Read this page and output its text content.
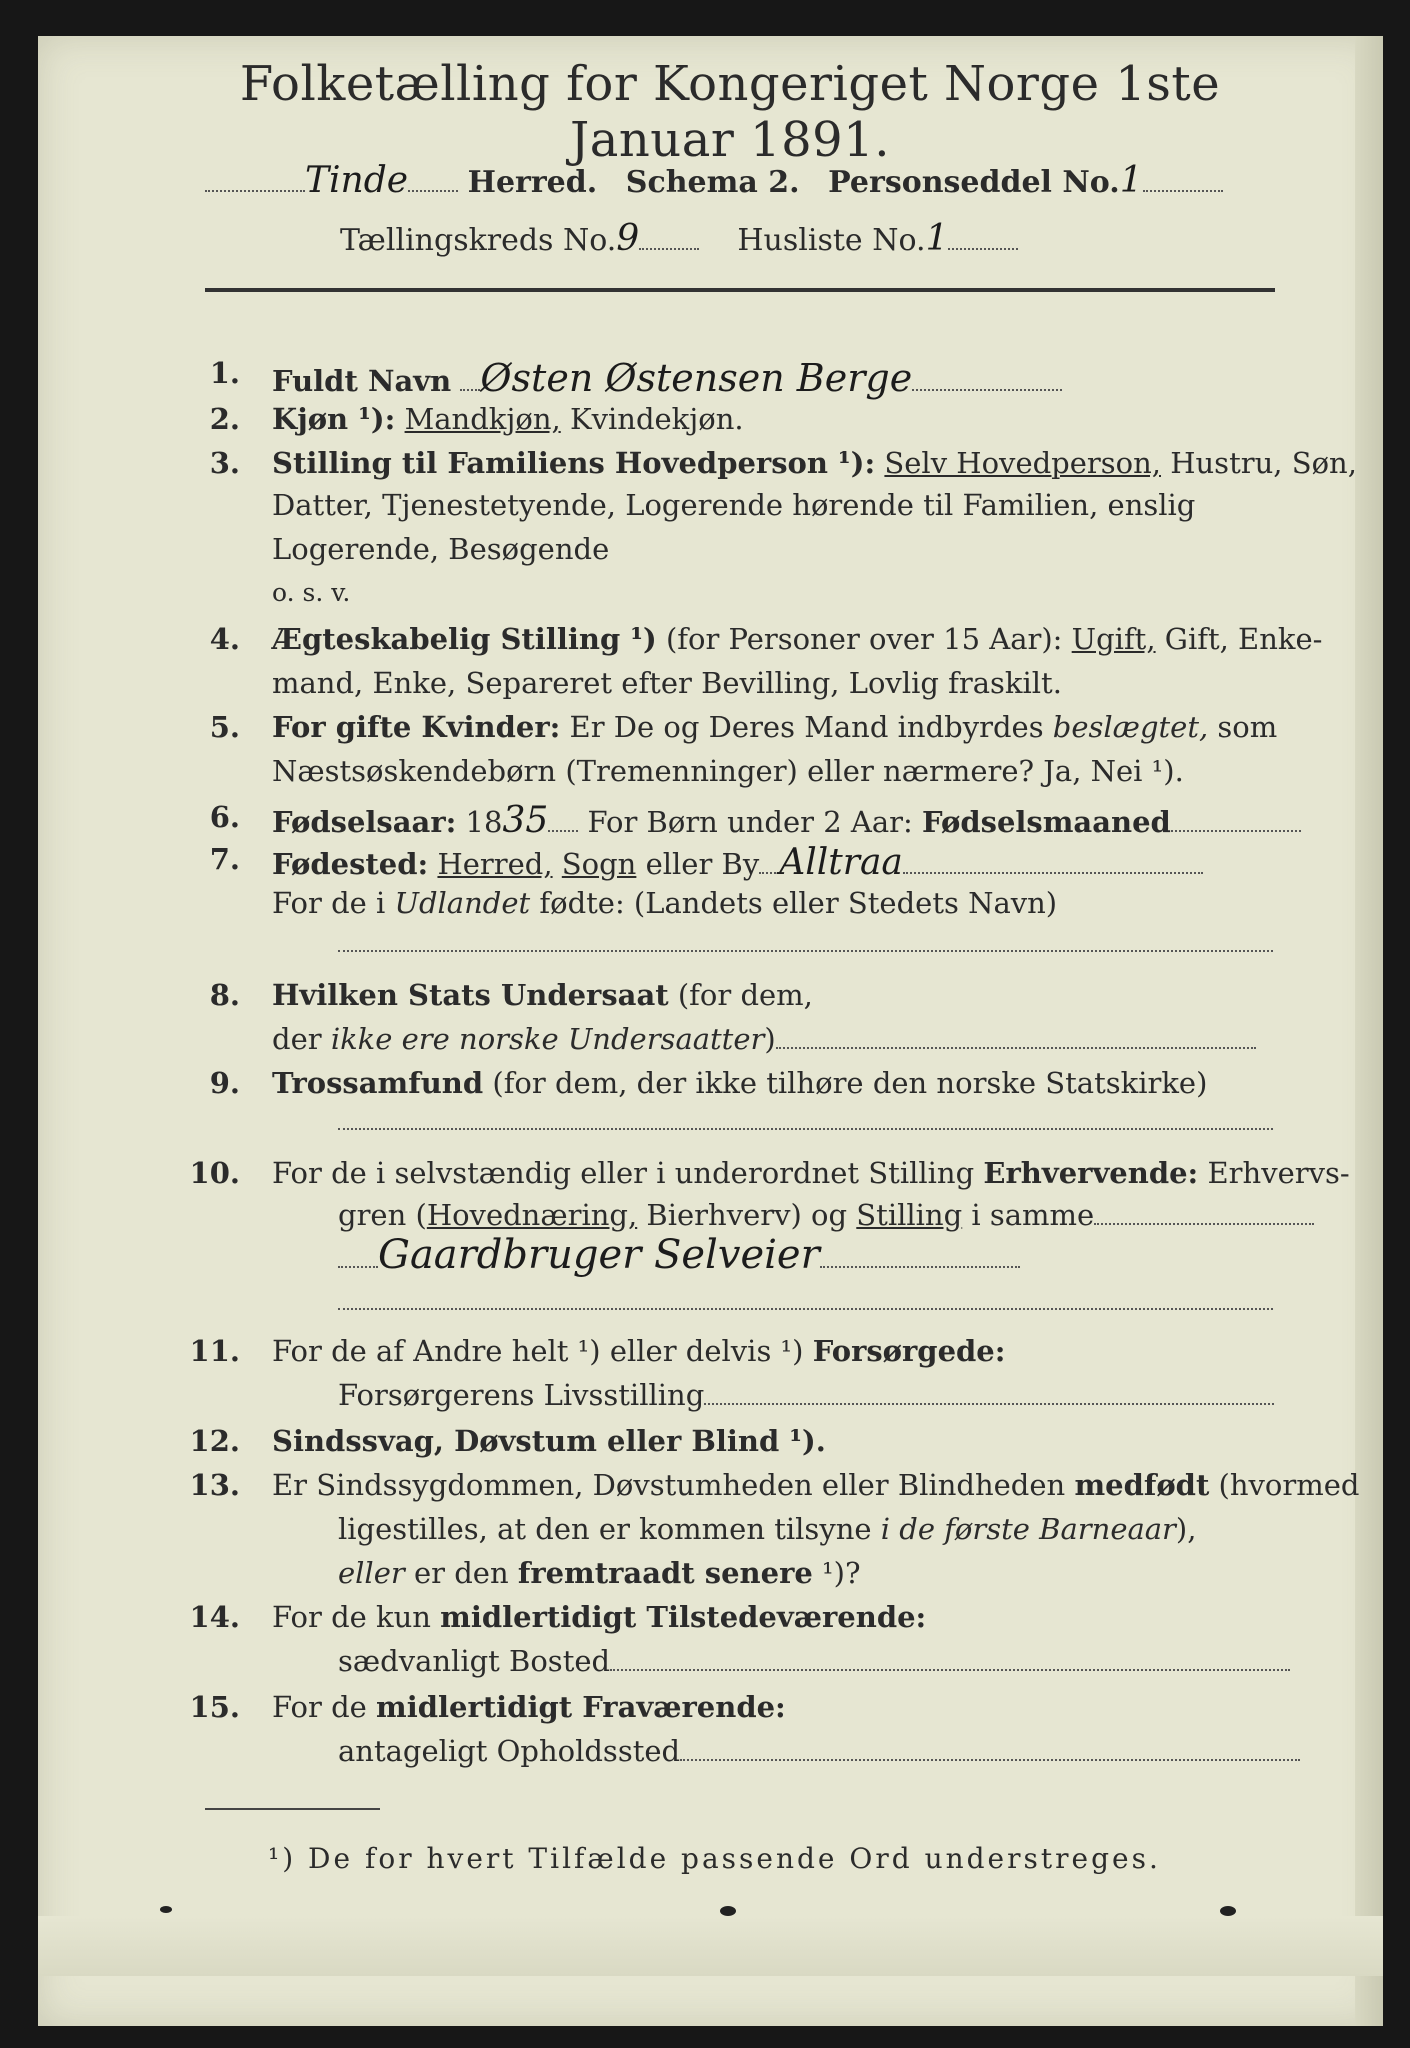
Folketælling for Kongeriget Norge 1ste Januar 1891.
Tinde Herred. Schema 2. Personseddel No.1
Tællingskreds No.9	Husliste No.1
1. Fuldt Navn Østen Østensen Berge
2. Kjøn ¹): Mandkjøn, Kvindekjøn.
3. Stilling til Familiens Hovedperson ¹): Selv Hovedperson, Hustru, Søn,
Datter, Tjenestetyende, Logerende hørende til Familien, enslig
Logerende, Besøgende
o. s. v.
4. Ægteskabelig Stilling ¹) (for Personer over 15 Aar): Ugift, Gift, Enke-
mand, Enke, Separeret efter Bevilling, Lovlig fraskilt.
5. For gifte Kvinder: Er De og Deres Mand indbyrdes beslægtet, som
Næstsøskendebørn (Tremenninger) eller nærmere? Ja, Nei ¹).
6. Fødselsaar: 1835 For Børn under 2 Aar: Fødselsmaaned
7. Fødested: Herred, Sogn eller By Alltraa
For de i Udlandet fødte: (Landets eller Stedets Navn)
8. Hvilken Stats Undersaat (for dem,
der ikke ere norske Undersaatter)
9. Trossamfund (for dem, der ikke tilhøre den norske Statskirke)
10. For de i selvstændig eller i underordnet Stilling Erhvervende: Erhvervs-
gren (Hovednæring, Bierhverv) og Stilling i samme
Gaardbruger Selveier
11. For de af Andre helt ¹) eller delvis ¹) Forsørgede:
Forsørgerens Livsstilling
12. Sindssvag, Døvstum eller Blind ¹).
13. Er Sindssygdommen, Døvstumheden eller Blindheden medfødt (hvormed
ligestilles, at den er kommen tilsyne i de første Barneaar),
eller er den fremtraadt senere ¹)?
14. For de kun midlertidigt Tilstedeværende:
sædvanligt Bosted
15. For de midlertidigt Fraværende:
antageligt Opholdssted
¹) De for hvert Tilfælde passende Ord understreges.
